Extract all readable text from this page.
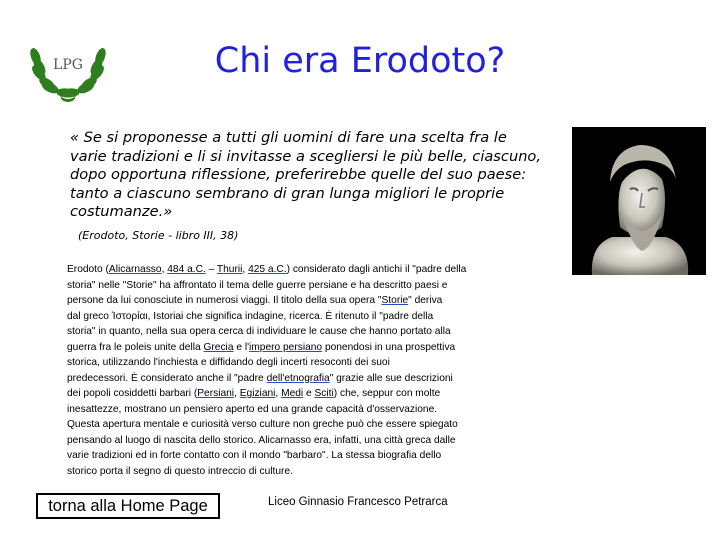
LPG	Chi era Erodoto?
« Se si proponesse a tutti gli uomini di fare una scelta fra le
varie tradizioni e li si invitasse a scegliersi le più belle, ciascuno,
dopo opportuna riflessione, preferirebbe quelle del suo paese:
tanto a ciascuno sembrano di gran lunga migliori le proprie
costumanze.»
(Erodoto, Storie - libro III, 38)
Erodoto (Alicarnasso, 484 a.C. – Thurii, 425 a.C.) considerato dagli antichi il "padre della
storia" nelle "Storie" ha affrontato il tema delle guerre persiane e ha descritto paesi e
persone da lui conosciute in numerosi viaggi. Il titolo della sua opera "Storie" deriva
dal greco Ἱστορίαι, Istoriai che significa indagine, ricerca. È ritenuto il "padre della
storia" in quanto, nella sua opera cerca di individuare le cause che hanno portato alla
guerra fra le poleis unite della Grecia e l'impero persiano ponendosi in una prospettiva
storica, utilizzando l'inchiesta e diffidando degli incerti resoconti dei suoi
predecessori. È considerato anche il "padre dell'etnografia" grazie alle sue descrizioni
dei popoli cosiddetti barbari (Persiani, Egiziani, Medi e Sciti) che, seppur con molte
inesattezze, mostrano un pensiero aperto ed una grande capacità d'osservazione.
Questa apertura mentale e curiosità verso culture non greche può che essere spiegato
pensando al luogo di nascita dello storico. Alicarnasso era, infatti, una città greca dalle
varie tradizioni ed in forte contatto con il mondo "barbaro". La stessa biografia dello
storico porta il segno di questo intreccio di culture.
torna alla Home Page	Liceo Ginnasio Francesco Petrarca
